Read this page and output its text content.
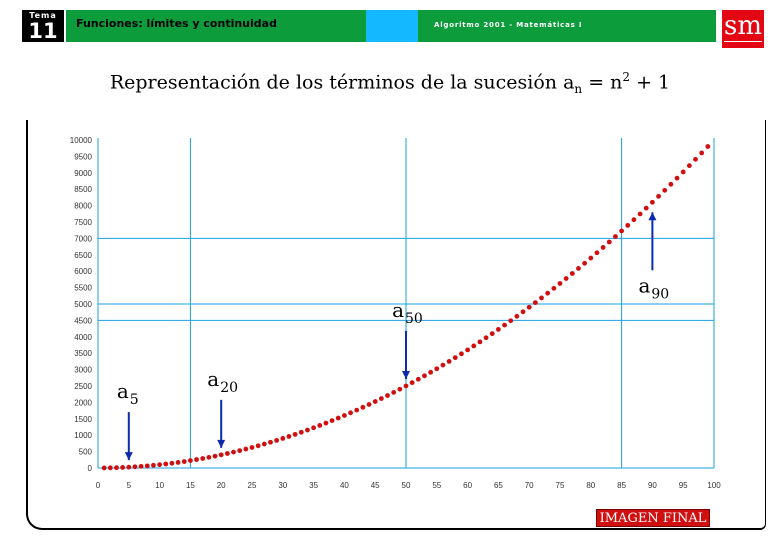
Tema
11	Funciones: límites y continuidad	Algoritmo 2001 - Matemáticas I	sm
Representación de los términos de la sucesión $a_n = n^2 + 1$
0
500
1000
1500
2000
2500
3000
3500
4000
4500
5000
5500
6000
6500
7000
7500
8000
8500
9000
9500
10000
0	5	10	15	20	25	30	35	40	45	50	55	60	65	70	75	80	85	90	95 100
a 5
a 20
a 50
a 90
IMAGEN FINAL
